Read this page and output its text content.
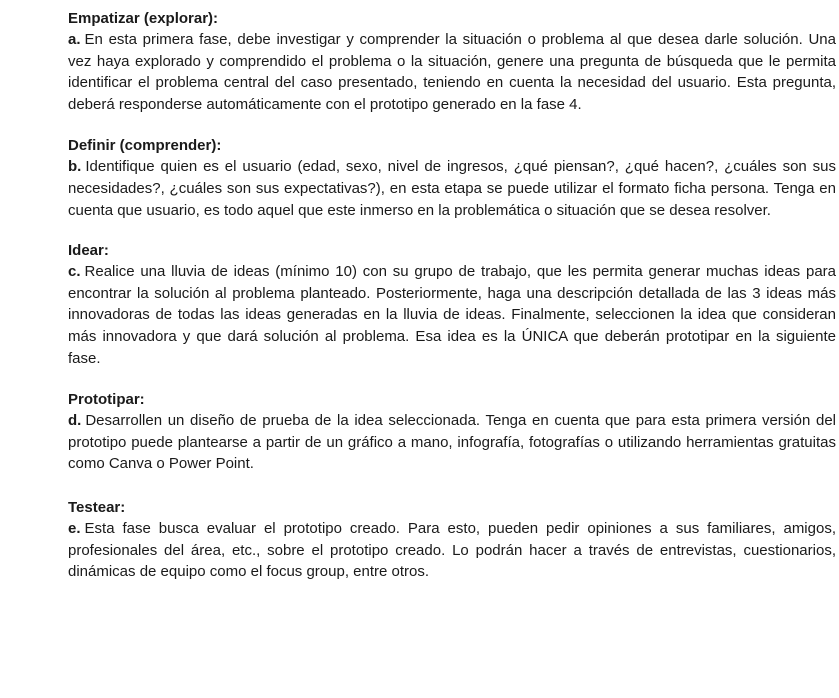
Empatizar (explorar):

a. En esta primera fase, debe investigar y comprender la situación o problema al que desea darle solución. Una vez haya explorado y comprendido el problema o la situación, genere una pregunta de búsqueda que le permita identificar el problema central del caso presentado, teniendo en cuenta la necesidad del usuario. Esta pregunta, deberá responderse automáticamente con el prototipo generado en la fase 4.

Definir (comprender):

b. Identifique quien es el usuario (edad, sexo, nivel de ingresos, ¿qué piensan?, ¿qué hacen?, ¿cuáles son sus necesidades?, ¿cuáles son sus expectativas?), en esta etapa se puede utilizar el formato ficha persona. Tenga en cuenta que usuario, es todo aquel que este inmerso en la problemática o situación que se desea resolver.

Idear:

c. Realice una lluvia de ideas (mínimo 10) con su grupo de trabajo, que les permita generar muchas ideas para encontrar la solución al problema planteado. Posteriormente, haga una descripción detallada de las 3 ideas más innovadoras de todas las ideas generadas en la lluvia de ideas. Finalmente, seleccionen la idea que consideran más innovadora y que dará solución al problema. Esa idea es la ÚNICA que deberán prototipar en la siguiente fase.

Prototipar:

d. Desarrollen un diseño de prueba de la idea seleccionada. Tenga en cuenta que para esta primera versión del prototipo puede plantearse a partir de un gráfico a mano, infografía, fotografías o utilizando herramientas gratuitas como Canva o Power Point.

Testear:

e. Esta fase busca evaluar el prototipo creado. Para esto, pueden pedir opiniones a sus familiares, amigos, profesionales del área, etc., sobre el prototipo creado. Lo podrán hacer a través de entrevistas, cuestionarios, dinámicas de equipo como el focus group, entre otros.
